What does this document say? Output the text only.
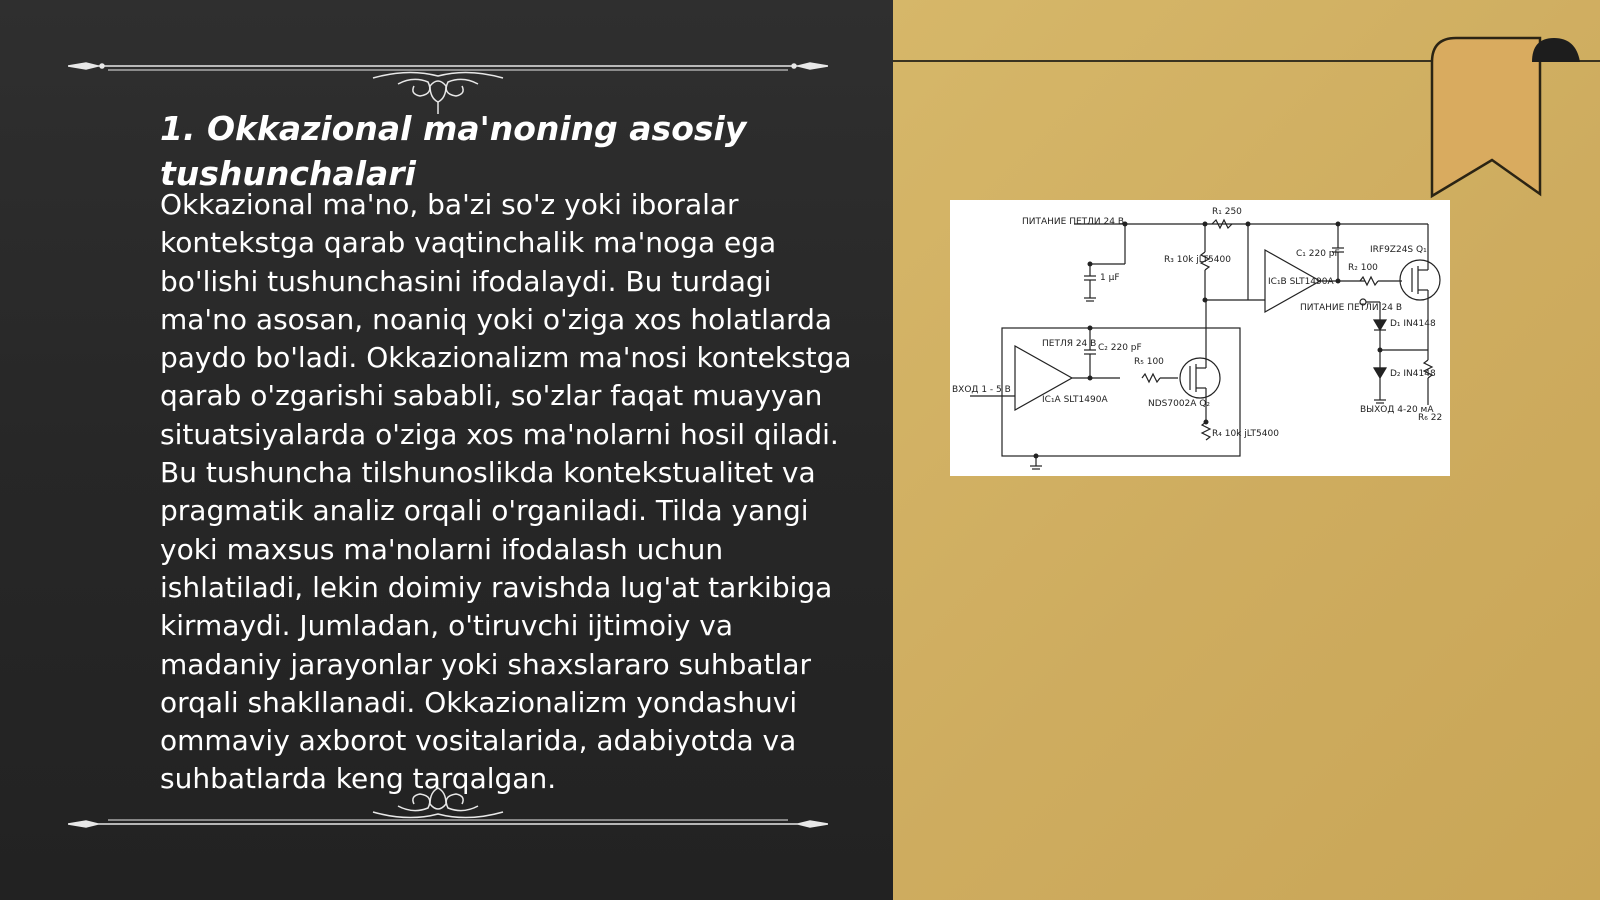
1. Okkazional ma'noning asosiy tushunchalari

Okkazional ma'no, ba'zi so'z yoki iboralar kontekstga qarab vaqtinchalik ma'noga ega bo'lishi tushunchasini ifodalaydi. Bu turdagi ma'no asosan, noaniq yoki o'ziga xos holatlarda paydo bo'ladi. Okkazionalizm ma'nosi kontekstga qarab o'zgarishi sababli, so'zlar faqat muayyan situatsiyalarda o'ziga xos ma'nolarni hosil qiladi. Bu tushuncha tilshunoslikda kontekstualitet va pragmatik analiz orqali o'rganiladi. Tilda yangi yoki maxsus ma'nolarni ifodalash uchun ishlatiladi, lekin doimiy ravishda lug'at tarkibiga kirmaydi. Jumladan, o'tiruvchi ijtimoiy va madaniy jarayonlar yoki shaxslararo suhbatlar orqali shakllanadi. Okkazionalizm yondashuvi ommaviy axborot vositalarida, adabiyotda va suhbatlarda keng tarqalgan.

ПИТАНИЕ ПЕТЛИ 24 В
R₁ 250
R₃ 10k jLT5400
C₁ 220 pF
IC₁B SLT1490A
R₂ 100
IRF9Z24S Q₁
1 µF
ПИТАНИЕ ПЕТЛИ 24 В
D₁ IN4148
ПЕТЛЯ 24 В C₂ 220 pF
R₅ 100
IC₁A SLT1490A	NDS7002A Q₂
D₂ IN4148
R₆ 22
ВХОД 1 - 5 В
ВЫХОД 4-20 мА
R₄ 10k jLT5400
